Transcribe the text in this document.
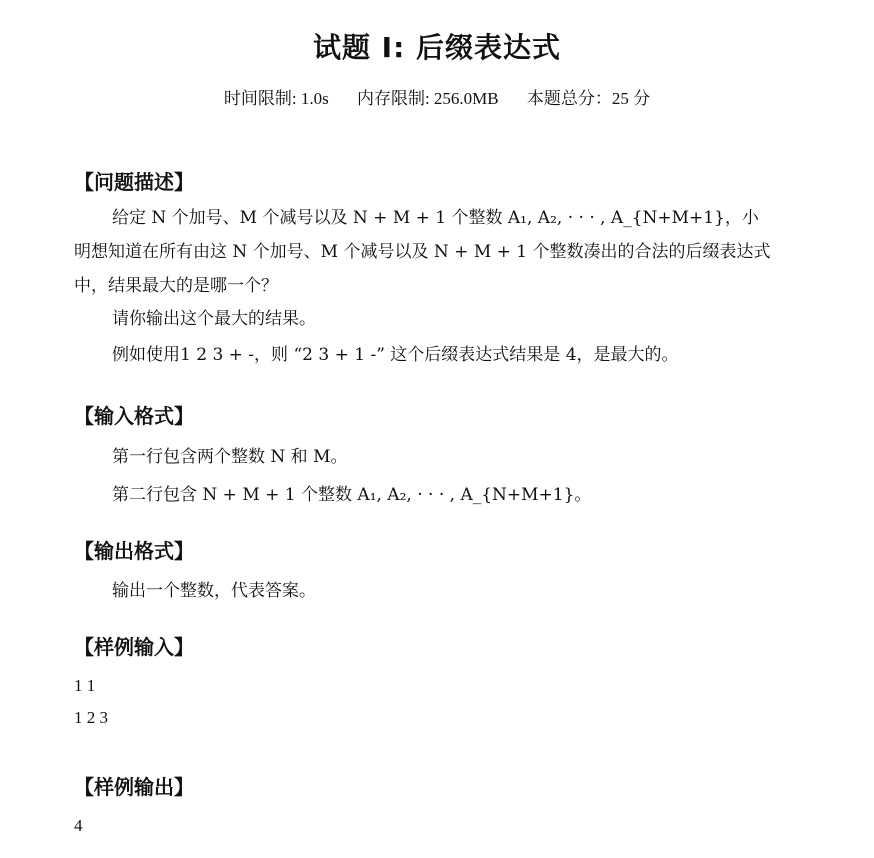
试题 I: 后缀表达式
时间限制: 1.0s 内存限制: 256.0MB 本题总分：25 分
【问题描述】
给定 N 个加号、M 个减号以及 N + M + 1 个整数 A₁, A₂, · · · , A_{N+M+1}，小明想知道在所有由这 N 个加号、M 个减号以及 N + M + 1 个整数凑出的合法的后缀表达式中，结果最大的是哪一个？
请你输出这个最大的结果。
例如使用1 2 3 + -，则 “2 3 + 1 -” 这个后缀表达式结果是 4，是最大的。
【输入格式】
第一行包含两个整数 N 和 M。
第二行包含 N + M + 1 个整数 A₁, A₂, · · · , A_{N+M+1}。
【输出格式】
输出一个整数，代表答案。
【样例输入】
1 1
1 2 3
【样例输出】
4
